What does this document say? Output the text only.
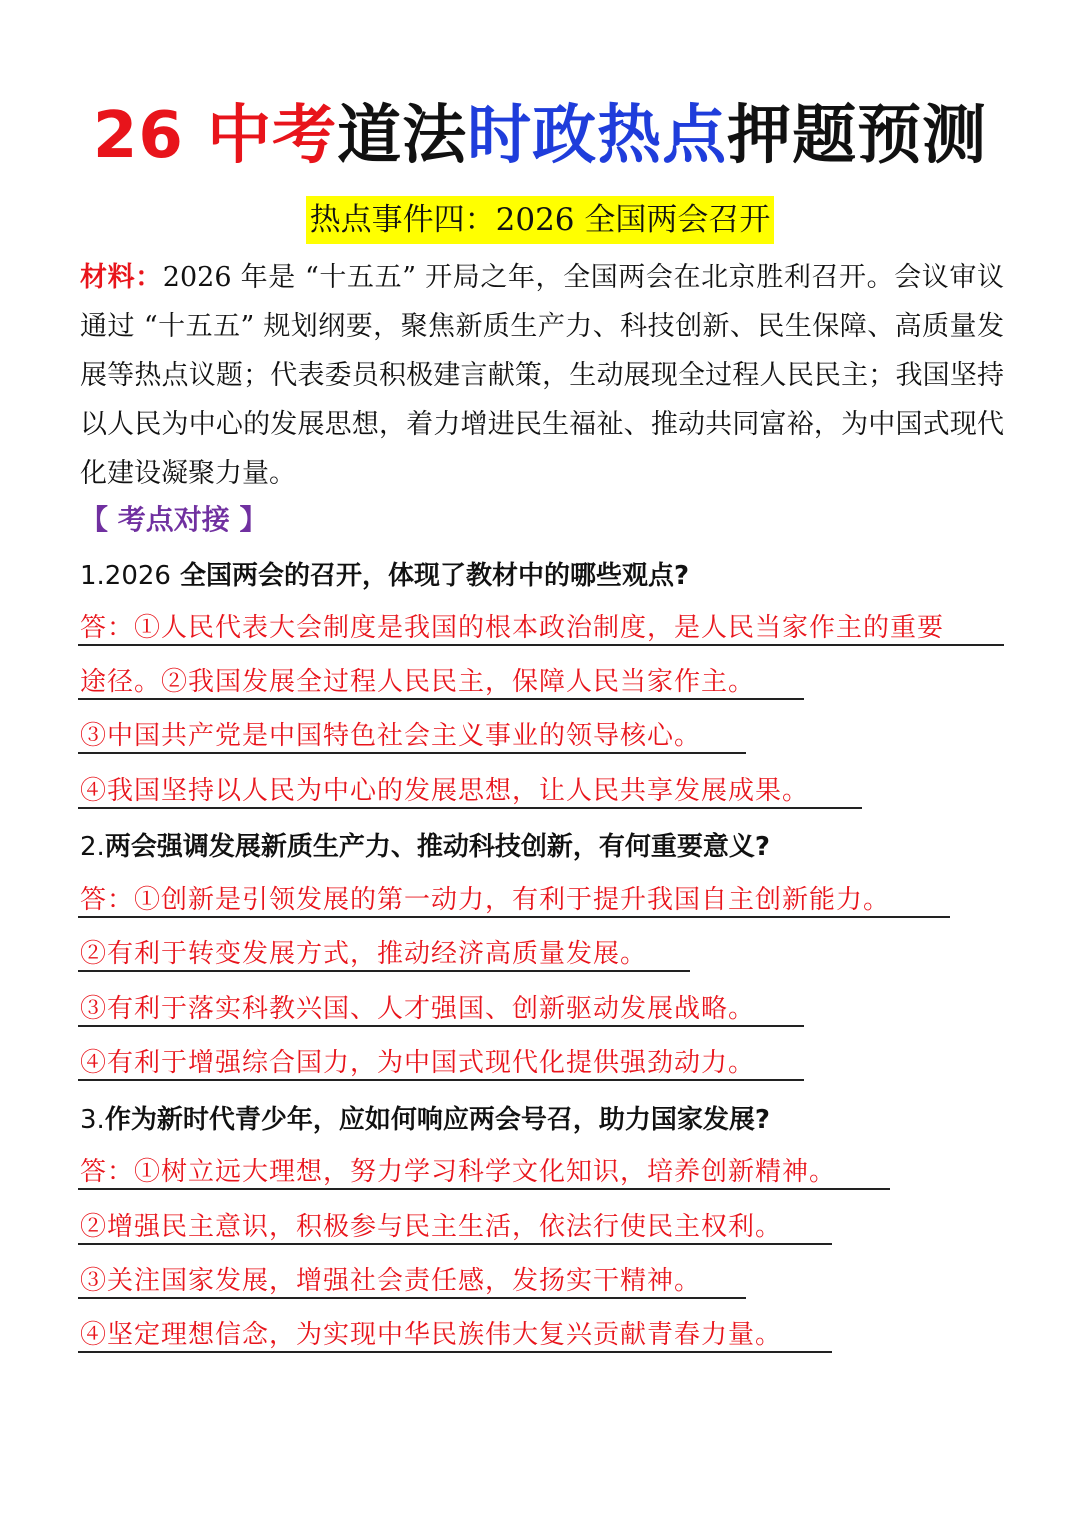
26 中考道法时政热点押题预测
热点事件四：2026 全国两会召开
材料：2026 年是 “十五五” 开局之年，全国两会在北京胜利召开。会议审议通过 “十五五” 规划纲要，聚焦新质生产力、科技创新、民生保障、高质量发展等热点议题；代表委员积极建言献策，生动展现全过程人民民主；我国坚持以人民为中心的发展思想，着力增进民生福祉、推动共同富裕，为中国式现代化建设凝聚力量。
【 考点对接 】
1.2026 全国两会的召开，体现了教材中的哪些观点?
答：①人民代表大会制度是我国的根本政治制度，是人民当家作主的重要
途径。②我国发展全过程人民民主，保障人民当家作主。
③中国共产党是中国特色社会主义事业的领导核心。
④我国坚持以人民为中心的发展思想，让人民共享发展成果。
2.两会强调发展新质生产力、推动科技创新，有何重要意义?
答：①创新是引领发展的第一动力，有利于提升我国自主创新能力。
②有利于转变发展方式，推动经济高质量发展。
③有利于落实科教兴国、人才强国、创新驱动发展战略。
④有利于增强综合国力，为中国式现代化提供强劲动力。
3.作为新时代青少年，应如何响应两会号召，助力国家发展?
答：①树立远大理想，努力学习科学文化知识，培养创新精神。
②增强民主意识，积极参与民主生活，依法行使民主权利。
③关注国家发展，增强社会责任感，发扬实干精神。
④坚定理想信念，为实现中华民族伟大复兴贡献青春力量。
